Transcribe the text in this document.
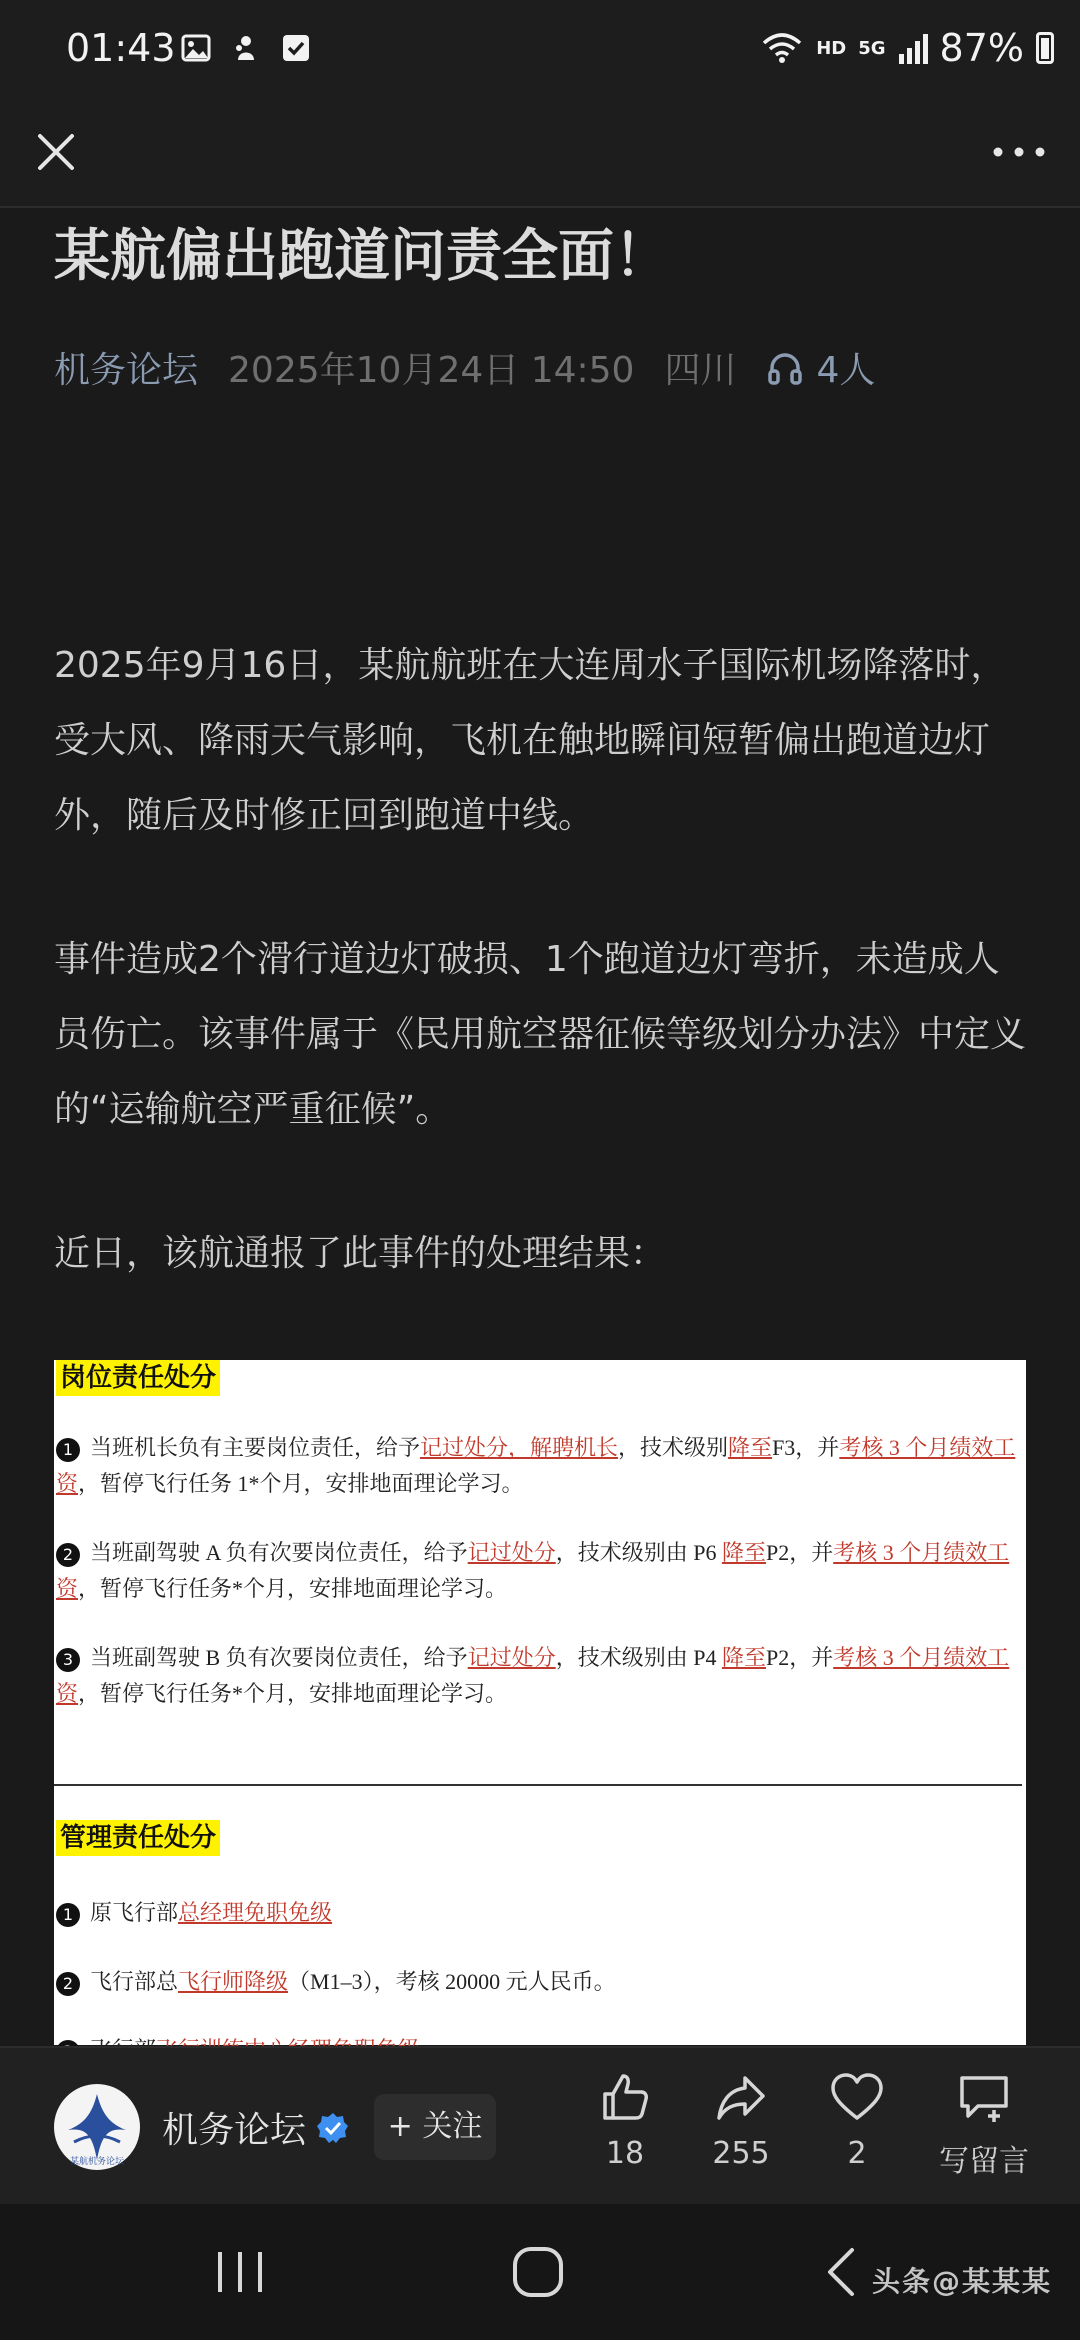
01:43	HD 5G 87%
某航偏出跑道问责全面！
机务论坛 2025年10月24日 14:50 四川 4人

2025年9月16日，某航航班在大连周水子国际机场降落时，受大风、降雨天气影响，飞机在触地瞬间短暂偏出跑道边灯外，随后及时修正回到跑道中线。

事件造成2个滑行道边灯破损、1个跑道边灯弯折，未造成人员伤亡。该事件属于《民用航空器征候等级划分办法》中定义的“运输航空严重征候”。

近日，该航通报了此事件的处理结果：

岗位责任处分
1 当班机长负有主要岗位责任，给予记过处分，解聘机长，技术级别降至F3，并考核 3 个月绩效工资，暂停飞行任务 1*个月，安排地面理论学习。
2 当班副驾驶 A 负有次要岗位责任，给予记过处分，技术级别由 P6 降至P2，并考核 3 个月绩效工资，暂停飞行任务*个月，安排地面理论学习。
3 当班副驾驶 B 负有次要岗位责任，给予记过处分，技术级别由 P4 降至P2，并考核 3 个月绩效工资，暂停飞行任务*个月，安排地面理论学习。
管理责任处分
1 原飞行部总经理免职免级
2 飞行部总飞行师降级（M1–3），考核 20000 元人民币。
某航机务论坛
机务论坛	+ 关注
18	255	2	写留言
头条@某某某
